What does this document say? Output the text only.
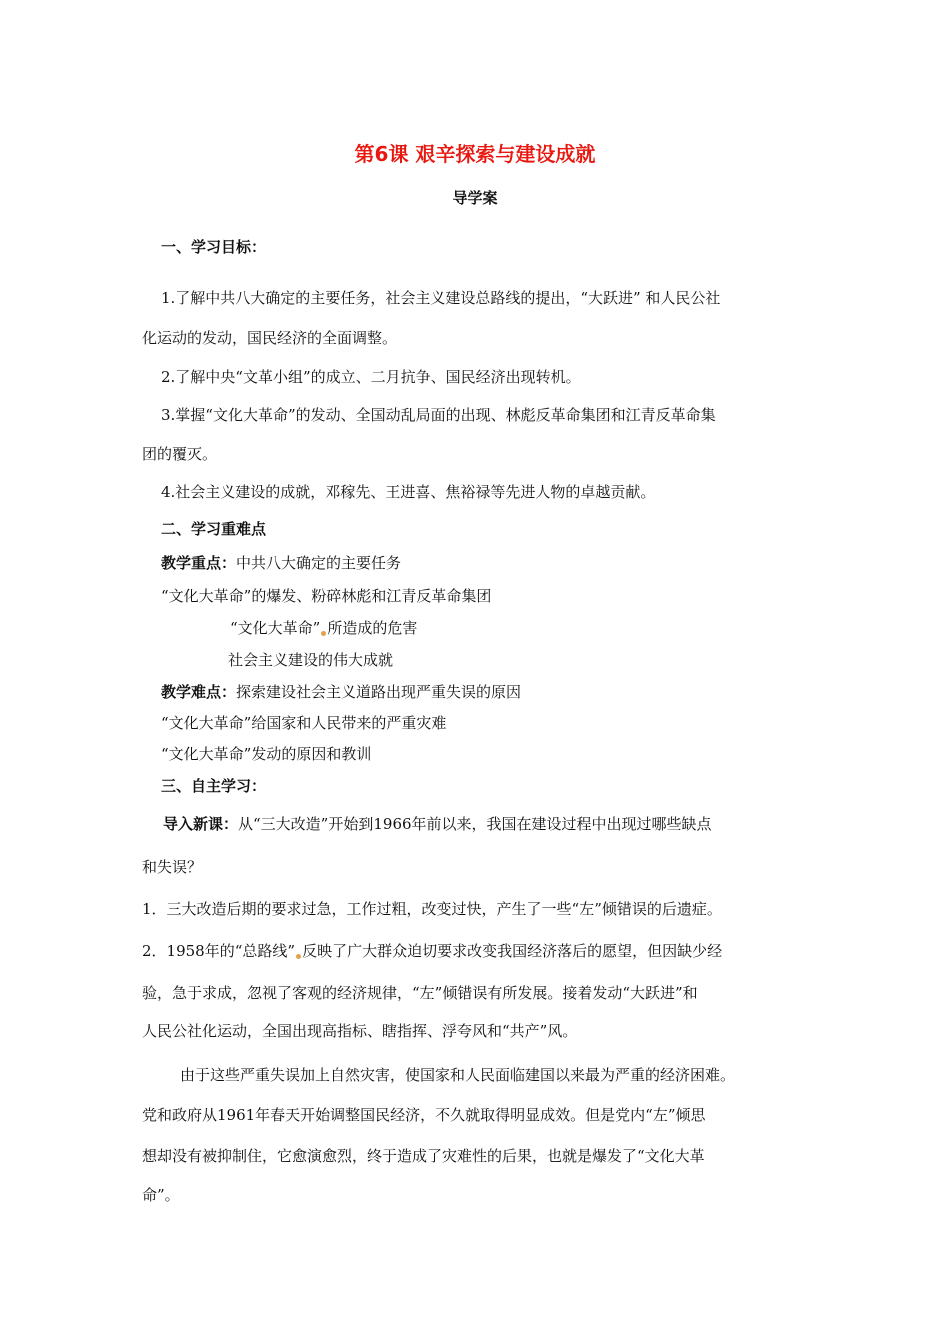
第6课 艰辛探索与建设成就
导学案
一、学习目标：
1.了解中共八大确定的主要任务，社会主义建设总路线的提出，“大跃进” 和人民公社
化运动的发动，国民经济的全面调整。
2.了解中央“文革小组”的成立、二月抗争、国民经济出现转机。
3.掌握“文化大革命”的发动、全国动乱局面的出现、林彪反革命集团和江青反革命集
团的覆灭。
4.社会主义建设的成就，邓稼先、王进喜、焦裕禄等先进人物的卓越贡献。
二、学习重难点
教学重点：中共八大确定的主要任务
“文化大革命”的爆发、粉碎林彪和江青反革命集团
“文化大革命” 所造成的危害
社会主义建设的伟大成就
教学难点：探索建设社会主义道路出现严重失误的原因
“文化大革命”给国家和人民带来的严重灾难
“文化大革命”发动的原因和教训
三、自主学习：
导入新课：从“三大改造”开始到1966年前以来，我国在建设过程中出现过哪些缺点
和失误？
1．三大改造后期的要求过急，工作过粗，改变过快，产生了一些“左”倾错误的后遗症。
2．1958年的“总路线” 反映了广大群众迫切要求改变我国经济落后的愿望，但因缺少经
验，急于求成，忽视了客观的经济规律，“左”倾错误有所发展。接着发动“大跃进”和
人民公社化运动，全国出现高指标、瞎指挥、浮夸风和“共产”风。
由于这些严重失误加上自然灾害，使国家和人民面临建国以来最为严重的经济困难。
党和政府从1961年春天开始调整国民经济，不久就取得明显成效。但是党内“左”倾思
想却没有被抑制住，它愈演愈烈，终于造成了灾难性的后果，也就是爆发了“文化大革
命”。
